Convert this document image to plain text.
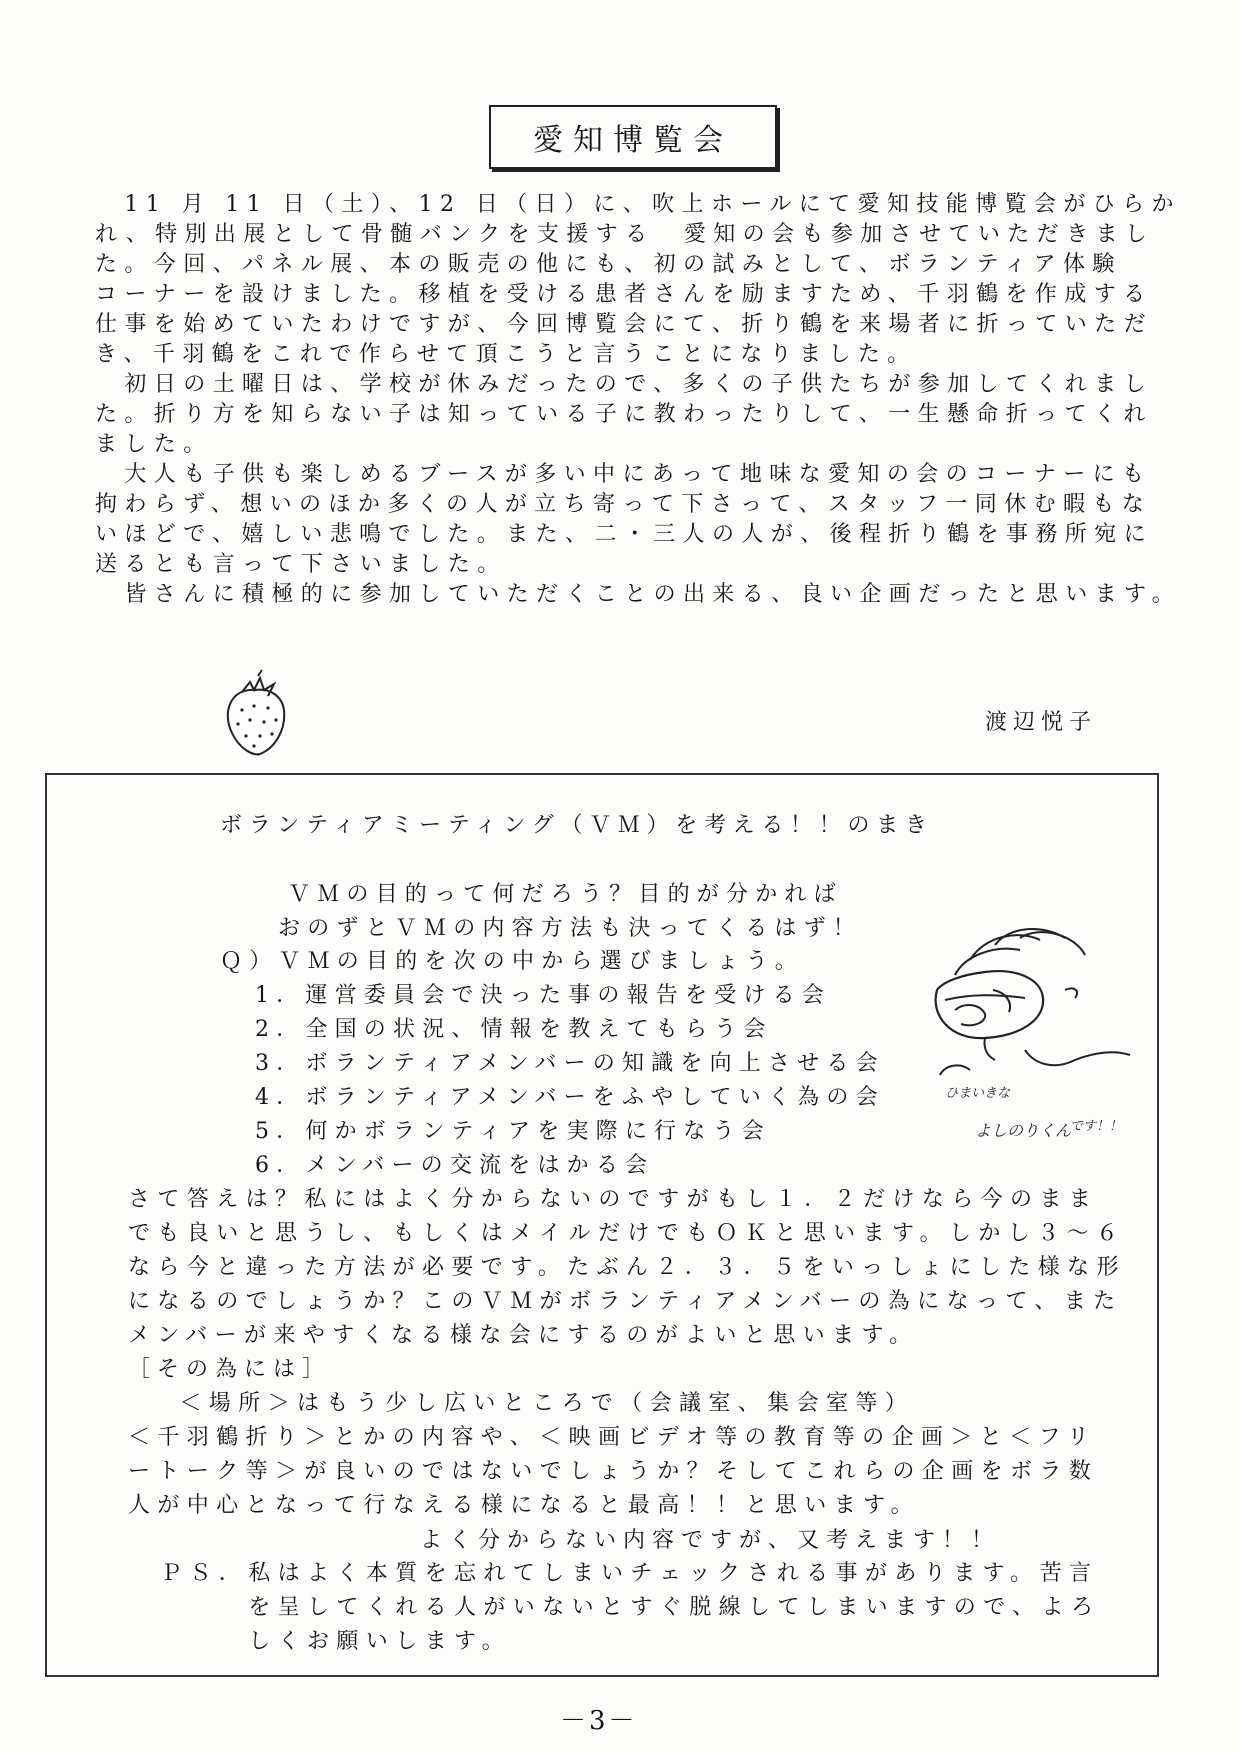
愛知博覧会
　11 月 11 日（土）、12 日（日）に、吹上ホールにて愛知技能博覧会がひらか
れ、特別出展として骨髄バンクを支援する　愛知の会も参加させていただきまし
た。今回、パネル展、本の販売の他にも、初の試みとして、ボランティア体験
コーナーを設けました。移植を受ける患者さんを励ますため、千羽鶴を作成する
仕事を始めていたわけですが、今回博覧会にて、折り鶴を来場者に折っていただ
き、千羽鶴をこれで作らせて頂こうと言うことになりました。
　初日の土曜日は、学校が休みだったので、多くの子供たちが参加してくれまし
た。折り方を知らない子は知っている子に教わったりして、一生懸命折ってくれ
ました。
　大人も子供も楽しめるブースが多い中にあって地味な愛知の会のコーナーにも
拘わらず、想いのほか多くの人が立ち寄って下さって、スタッフ一同休む暇もな
いほどで、嬉しい悲鳴でした。また、二・三人の人が、後程折り鶴を事務所宛に
送るとも言って下さいました。
　皆さんに積極的に参加していただくことの出来る、良い企画だったと思います。
渡辺悦子
ボランティアミーティング（ＶＭ）を考える！！のまき
ＶＭの目的って何だろう？目的が分かれば
おのずとＶＭの内容方法も決ってくるはず！
Ｑ）ＶＭの目的を次の中から選びましょう。
1．運営委員会で決った事の報告を受ける会
2．全国の状況、情報を教えてもらう会
3．ボランティアメンバーの知識を向上させる会
4．ボランティアメンバーをふやしていく為の会
5．何かボランティアを実際に行なう会
6．メンバーの交流をはかる会
ひまいきな
よしのりくん
です！！
さて答えは？私にはよく分からないのですがもし１．２だけなら今のまま
でも良いと思うし、もしくはメイルだけでもＯＫと思います。しかし３～６
なら今と違った方法が必要です。たぶん２．３．５をいっしょにした様な形
になるのでしょうか？このＶＭがボランティアメンバーの為になって、また
メンバーが来やすくなる様な会にするのがよいと思います。
［その為には］
　＜場所＞はもう少し広いところで（会議室、集会室等）
＜千羽鶴折り＞とかの内容や、＜映画ビデオ等の教育等の企画＞と＜フリ
ートーク等＞が良いのではないでしょうか？そしてこれらの企画をボラ数
人が中心となって行なえる様になると最高！！と思います。
よく分からない内容ですが、又考えます！！
ＰＳ．私はよく本質を忘れてしまいチェックされる事があります。苦言
　　　を呈してくれる人がいないとすぐ脱線してしまいますので、よろ
　　　しくお願いします。
－3－
